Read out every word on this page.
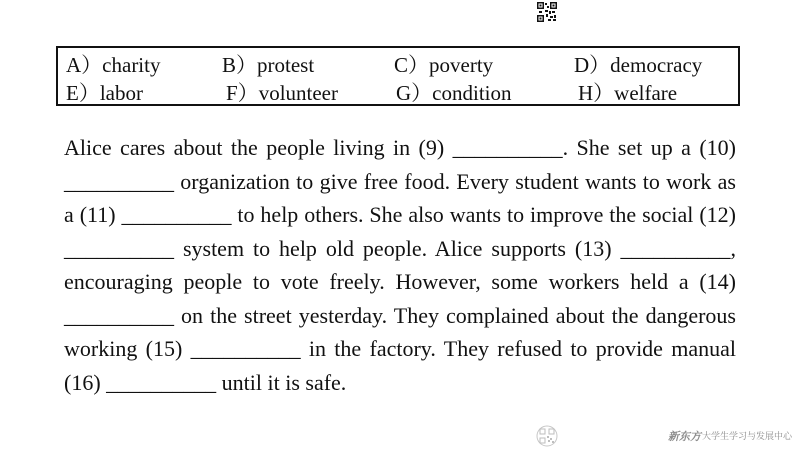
A）charity	B）protest	C）poverty	D）democracy
E）labor	F）volunteer	G）condition	H）welfare

Alice cares about the people living in (9) __________. She set up a (10) __________ organization to give free food. Every student wants to work as a (11) __________ to help others. She also wants to improve the social (12) __________ system to help old people. Alice supports (13) __________, encouraging people to vote freely. However, some workers held a (14) __________ on the street yesterday. They complained about the dangerous working (15) __________ in the factory. They refused to provide manual (16) __________ until it is safe.

新东方 大学生学习与发展中心
